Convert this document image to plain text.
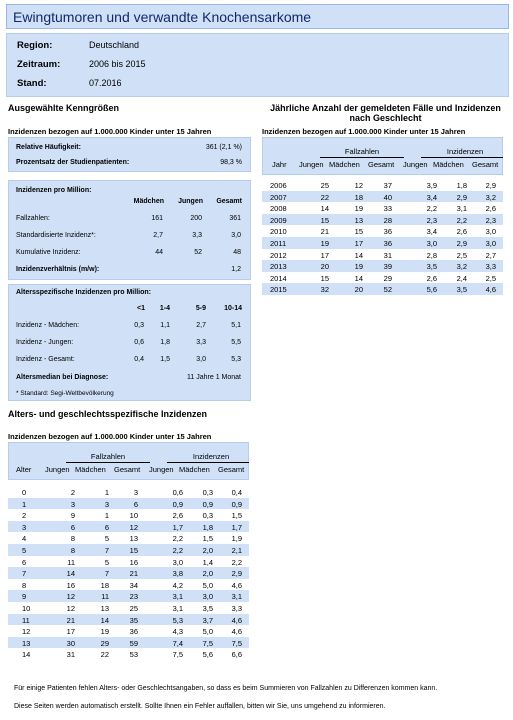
Ewingtumoren und verwandte Knochensarkome
Region:	Deutschland
Zeitraum:	2006 bis 2015
Stand:	07.2016
Ausgewählte Kenngrößen
Inzidenzen bezogen auf 1.000.000 Kinder unter 15 Jahren
Relative Häufigkeit:	361 (2,1 %)
Prozentsatz der Studienpatienten:	98,3 %
Inzidenzen pro Million:
Mädchen Jungen Gesamt
Fallzahlen:	161	200	361
Standardisierte Inzidenz*:	2,7	3,3	3,0
Kumulative Inzidenz:	44	52	48
Inzidenzverhältnis (m/w):	1,2
Altersspezifische Inzidenzen pro Million:
<1 1-4	5-9	10-14
Inzidenz - Mädchen:	0,3 1,1	2,7	5,1
Inzidenz - Jungen:	0,6 1,8	3,3	5,5
Inzidenz - Gesamt:	0,4 1,5	3,0	5,3
Altersmedian bei Diagnose:	11 Jahre 1 Monat
* Standard: Segi-Weltbevölkerung
Jährliche Anzahl der gemeldeten Fälle und Inzidenzen
nach Geschlecht
Inzidenzen bezogen auf 1.000.000 Kinder unter 15 Jahren
Fallzahlen	Inzidenzen
Jahr Jungen Mädchen Gesamt Jungen Mädchen Gesamt
2006	25	12	37	3,9	1,8 2,9
2007	22	18	40	3,4	2,9 3,2
2008	14	19	33	2,2	3,1 2,6
2009	15	13	28	2,3	2,2 2,3
2010	21	15	36	3,4	2,6 3,0
2011	19	17	36	3,0	2,9 3,0
2012	17	14	31	2,8	2,5 2,7
2013	20	19	39	3,5	3,2 3,3
2014	15	14	29	2,6	2,4 2,5
2015	32	20	52	5,6	3,5 4,6
Alters- und geschlechtsspezifische Inzidenzen
Inzidenzen bezogen auf 1.000.000 Kinder unter 15 Jahren
Fallzahlen	Inzidenzen
Alter Jungen Mädchen Gesamt Jungen Mädchen Gesamt
0	2	1	3	0,6	0,3 0,4
1	3	3	6	0,9	0,9 0,9
2	9	1	10	2,6	0,3 1,5
3	6	6	12	1,7	1,8 1,7
4	8	5	13	2,2	1,5 1,9
5	8	7	15	2,2	2,0 2,1
6	11	5	16	3,0	1,4 2,2
7	14	7	21	3,8	2,0 2,9
8	16	18	34	4,2	5,0 4,6
9	12	11	23	3,1	3,0 3,1
10	12	13	25	3,1	3,5 3,3
11	21	14	35	5,3	3,7 4,6
12	17	19	36	4,3	5,0 4,6
13	30	29	59	7,4	7,5 7,5
14	31	22	53	7,5	5,6 6,6
Für einige Patienten fehlen Alters- oder Geschlechtsangaben, so dass es beim Summieren von Fallzahlen zu Differenzen kommen kann.
Diese Seiten werden automatisch erstellt. Sollte Ihnen ein Fehler auffallen, bitten wir Sie, uns umgehend zu informieren.
